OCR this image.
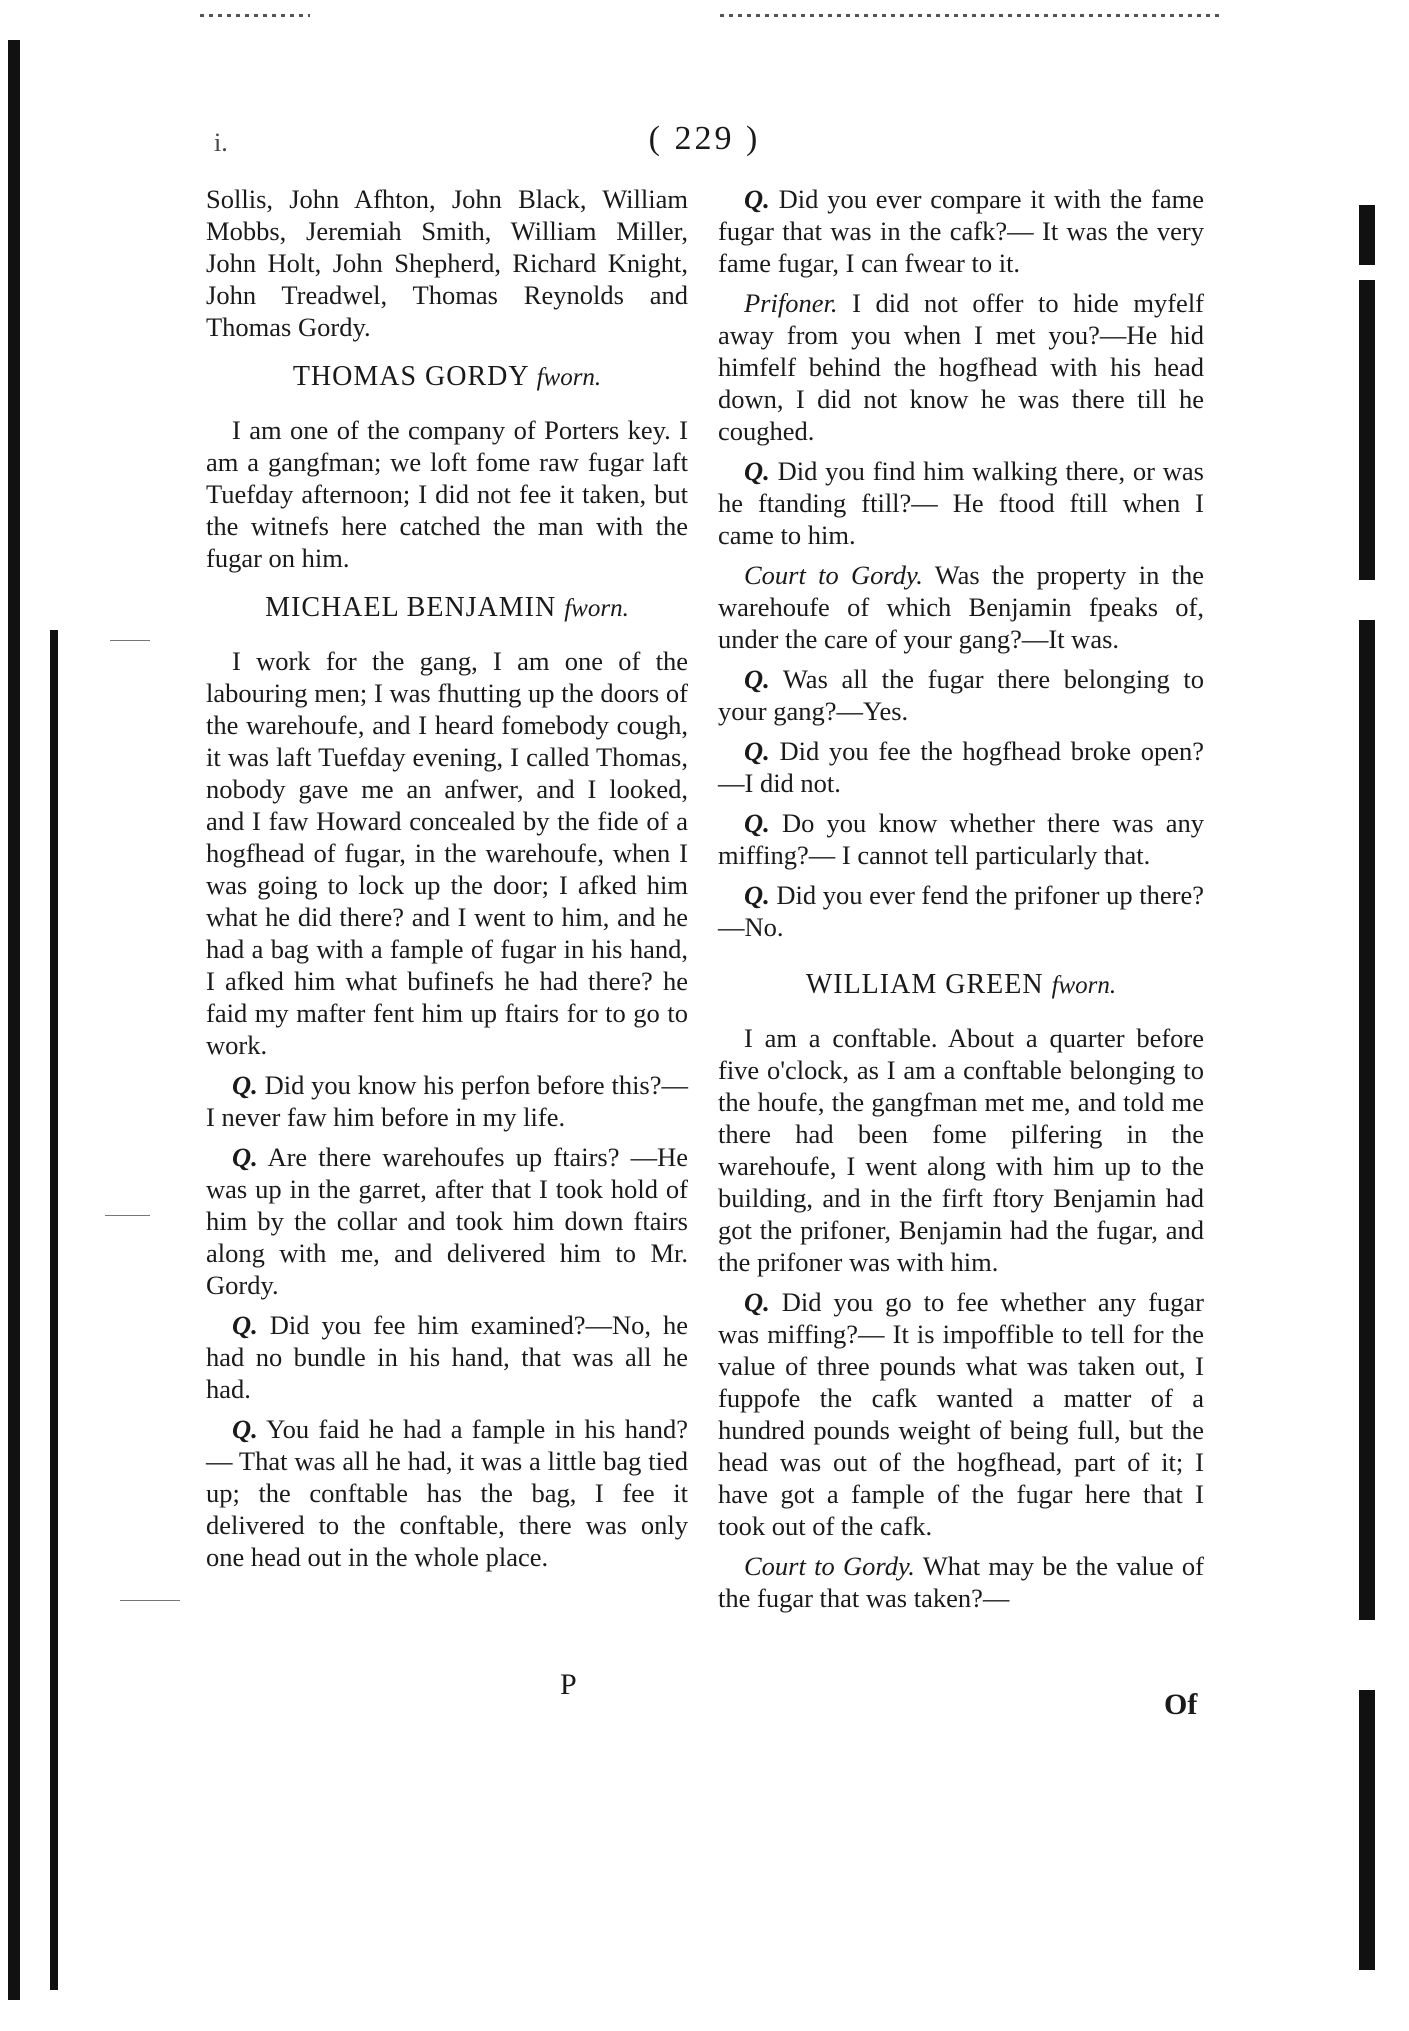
i.	( 229 )

Sollis, John Afhton, John Black, William Mobbs, Jeremiah Smith, William Miller, John Holt, John Shepherd, Richard Knight, John Treadwel, Thomas Reynolds and Thomas Gordy.

THOMAS GORDY fworn.

I am one of the company of Porters key. I am a gangfman; we loft fome raw fugar laft Tuefday afternoon; I did not fee it taken, but the witnefs here catched the man with the fugar on him.

MICHAEL BENJAMIN fworn.

I work for the gang, I am one of the labouring men; I was fhutting up the doors of the warehoufe, and I heard fomebody cough, it was laft Tuefday evening, I called Thomas, nobody gave me an anfwer, and I looked, and I faw Howard concealed by the fide of a hogfhead of fugar, in the warehoufe, when I was going to lock up the door; I afked him what he did there? and I went to him, and he had a bag with a fample of fugar in his hand, I afked him what bufinefs he had there? he faid my mafter fent him up ftairs for to go to work.

Q. Did you know his perfon before this?— I never faw him before in my life.

Q. Are there warehoufes up ftairs? —He was up in the garret, after that I took hold of him by the collar and took him down ftairs along with me, and delivered him to Mr. Gordy.

Q. Did you fee him examined?—No, he had no bundle in his hand, that was all he had.

Q. You faid he had a fample in his hand?— That was all he had, it was a little bag tied up; the conftable has the bag, I fee it delivered to the conftable, there was only one head out in the whole place.

Q. Did you ever compare it with the fame fugar that was in the cafk?— It was the very fame fugar, I can fwear to it.

Prifoner. I did not offer to hide myfelf away from you when I met you?—He hid himfelf behind the hogfhead with his head down, I did not know he was there till he coughed.

Q. Did you find him walking there, or was he ftanding ftill?— He ftood ftill when I came to him.

Court to Gordy. Was the property in the warehoufe of which Benjamin fpeaks of, under the care of your gang?—It was.

Q. Was all the fugar there belonging to your gang?—Yes.

Q. Did you fee the hogfhead broke open?—I did not.

Q. Do you know whether there was any miffing?— I cannot tell particularly that.

Q. Did you ever fend the prifoner up there?—No.

WILLIAM GREEN fworn.

I am a conftable. About a quarter before five o'clock, as I am a conftable belonging to the houfe, the gangfman met me, and told me there had been fome pilfering in the warehoufe, I went along with him up to the building, and in the firft ftory Benjamin had got the prifoner, Benjamin had the fugar, and the prifoner was with him.

Q. Did you go to fee whether any fugar was miffing?— It is impoffible to tell for the value of three pounds what was taken out, I fuppofe the cafk wanted a matter of a hundred pounds weight of being full, but the head was out of the hogfhead, part of it; I have got a fample of the fugar here that I took out of the cafk.

Court to Gordy. What may be the value of the fugar that was taken?—

P
Of
